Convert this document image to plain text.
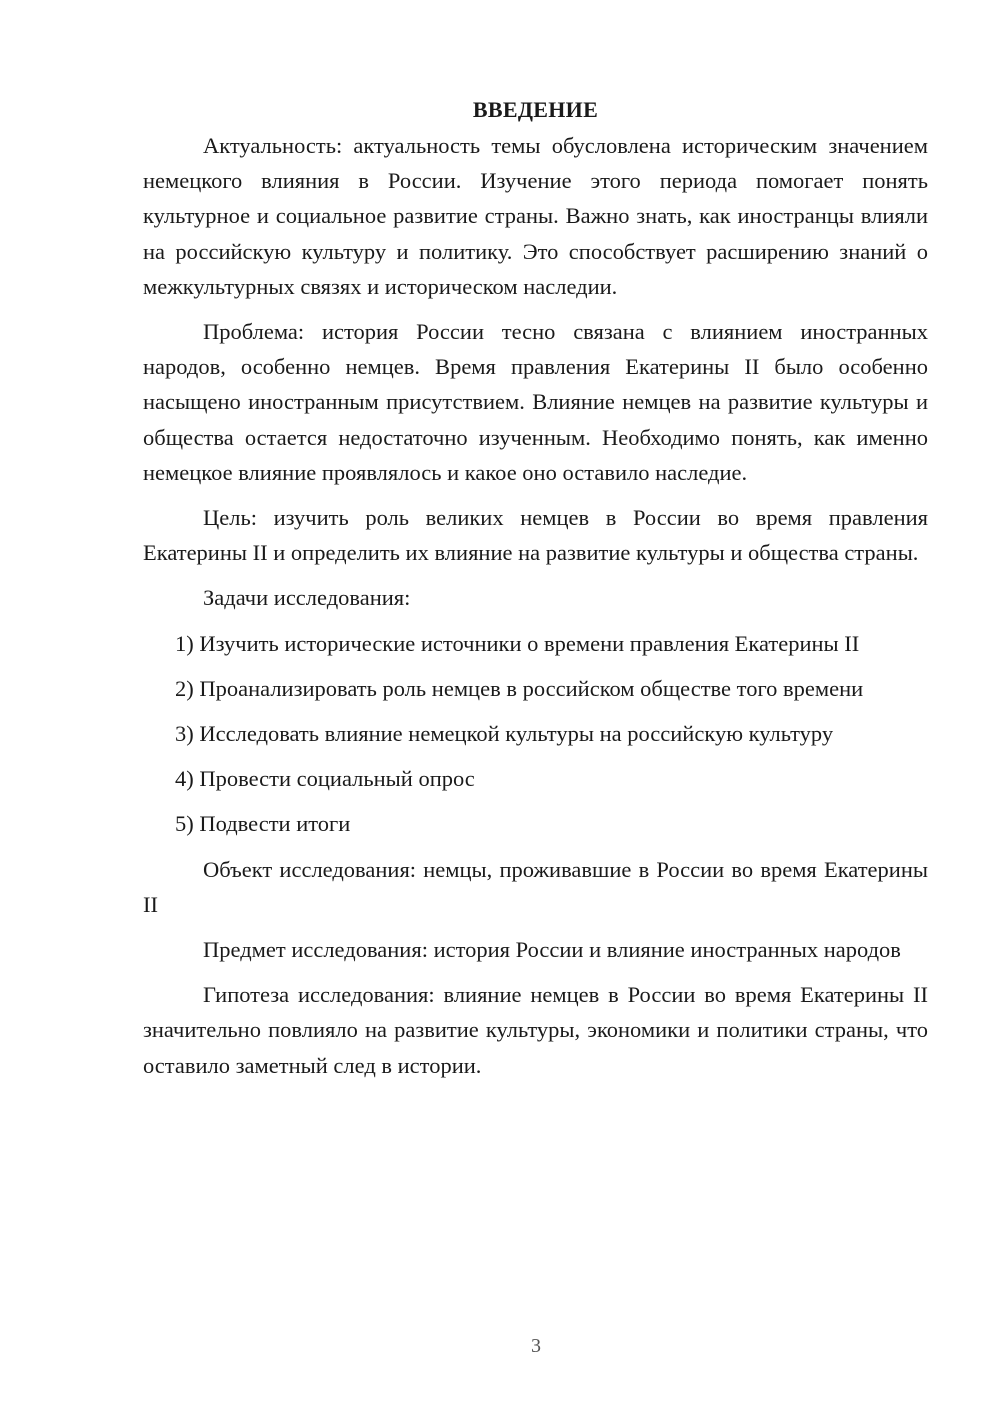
ВВЕДЕНИЕ

Актуальность: актуальность темы обусловлена историческим значением немецкого влияния в России. Изучение этого периода помогает понять культурное и социальное развитие страны. Важно знать, как иностранцы влияли на российскую культуру и политику. Это способствует расширению знаний о межкультурных связях и историческом наследии.

Проблема: история России тесно связана с влиянием иностранных народов, особенно немцев. Время правления Екатерины II было особенно насыщено иностранным присутствием. Влияние немцев на развитие культуры и общества остается недостаточно изученным. Необходимо понять, как именно немецкое влияние проявлялось и какое оно оставило наследие.

Цель: изучить роль великих немцев в России во время правления Екатерины II и определить их влияние на развитие культуры и общества страны.

Задачи исследования:

1) Изучить исторические источники о времени правления Екатерины II

2) Проанализировать роль немцев в российском обществе того времени

3) Исследовать влияние немецкой культуры на российскую культуру

4) Провести социальный опрос

5) Подвести итоги

Объект исследования: немцы, проживавшие в России во время Екатерины II

Предмет исследования: история России и влияние иностранных народов

Гипотеза исследования: влияние немцев в России во время Екатерины II значительно повлияло на развитие культуры, экономики и политики страны, что оставило заметный след в истории.

3
